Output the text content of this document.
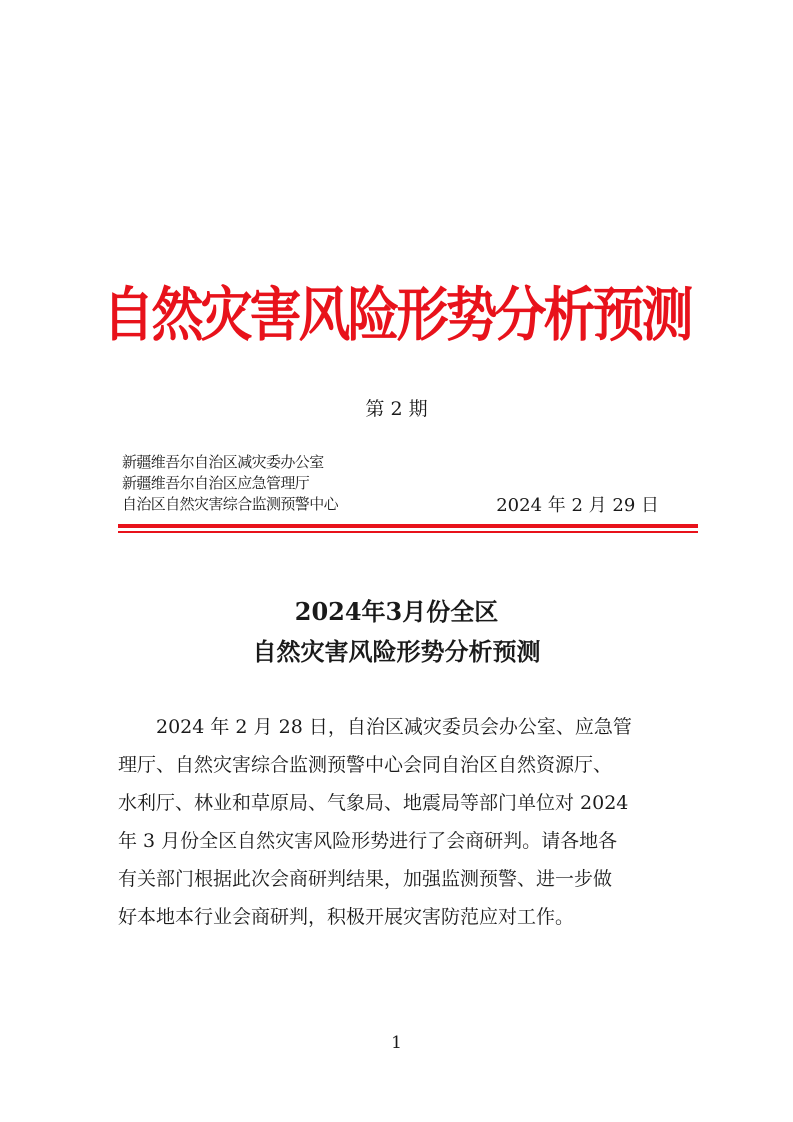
自然灾害风险形势分析预测
第 2 期
新疆维吾尔自治区减灾委办公室
新疆维吾尔自治区应急管理厅
自治区自然灾害综合监测预警中心	2024 年 2 月 29 日
2024年3月份全区
自然灾害风险形势分析预测
2024 年 2 月 28 日，自治区减灾委员会办公室、应急管
理厅、自然灾害综合监测预警中心会同自治区自然资源厅、
水利厅、林业和草原局、气象局、地震局等部门单位对 2024
年 3 月份全区自然灾害风险形势进行了会商研判。请各地各
有关部门根据此次会商研判结果，加强监测预警、进一步做
好本地本行业会商研判，积极开展灾害防范应对工作。
1
